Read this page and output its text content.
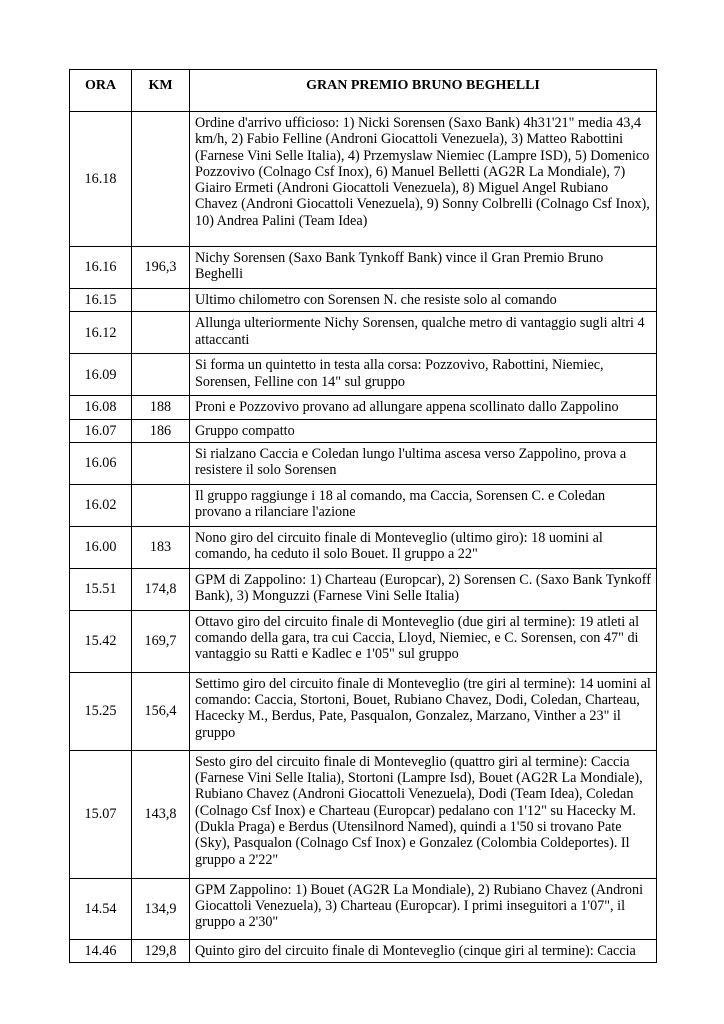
ORA	KM	GRAN PREMIO BRUNO BEGHELLI
16.18		Ordine d'arrivo ufficioso: 1) Nicki Sorensen (Saxo Bank) 4h31'21" media 43,4 km/h, 2) Fabio Felline (Androni Giocattoli Venezuela), 3) Matteo Rabottini (Farnese Vini Selle Italia), 4) Przemyslaw Niemiec (Lampre ISD), 5) Domenico Pozzovivo (Colnago Csf Inox), 6) Manuel Belletti (AG2R La Mondiale), 7) Giairo Ermeti (Androni Giocattoli Venezuela), 8) Miguel Angel Rubiano Chavez (Androni Giocattoli Venezuela), 9) Sonny Colbrelli (Colnago Csf Inox), 10) Andrea Palini (Team Idea)
16.16	196,3	Nichy Sorensen (Saxo Bank Tynkoff Bank) vince il Gran Premio Bruno Beghelli
16.15		Ultimo chilometro con Sorensen N. che resiste solo al comando
16.12		Allunga ulteriormente Nichy Sorensen, qualche metro di vantaggio sugli altri 4 attaccanti
16.09		Si forma un quintetto in testa alla corsa: Pozzovivo, Rabottini, Niemiec, Sorensen, Felline con 14" sul gruppo
16.08	188	Proni e Pozzovivo provano ad allungare appena scollinato dallo Zappolino
16.07	186	Gruppo compatto
16.06		Si rialzano Caccia e Coledan lungo l'ultima ascesa verso Zappolino, prova a resistere il solo Sorensen
16.02		Il gruppo raggiunge i 18 al comando, ma Caccia, Sorensen C. e Coledan provano a rilanciare l'azione
16.00	183	Nono giro del circuito finale di Monteveglio (ultimo giro): 18 uomini al comando, ha ceduto il solo Bouet. Il gruppo a 22"
15.51	174,8	GPM di Zappolino: 1) Charteau (Europcar), 2) Sorensen C. (Saxo Bank Tynkoff Bank), 3) Monguzzi (Farnese Vini Selle Italia)
15.42	169,7	Ottavo giro del circuito finale di Monteveglio (due giri al termine): 19 atleti al comando della gara, tra cui Caccia, Lloyd, Niemiec, e C. Sorensen, con 47" di vantaggio su Ratti e Kadlec e 1'05" sul gruppo
15.25	156,4	Settimo giro del circuito finale di Monteveglio (tre giri al termine): 14 uomini al comando: Caccia, Stortoni, Bouet, Rubiano Chavez, Dodi, Coledan, Charteau, Hacecky M., Berdus, Pate, Pasqualon, Gonzalez, Marzano, Vinther a 23" il gruppo
15.07	143,8	Sesto giro del circuito finale di Monteveglio (quattro giri al termine): Caccia (Farnese Vini Selle Italia), Stortoni (Lampre Isd), Bouet (AG2R La Mondiale), Rubiano Chavez (Androni Giocattoli Venezuela), Dodi (Team Idea), Coledan (Colnago Csf Inox) e Charteau (Europcar) pedalano con 1'12" su Hacecky M. (Dukla Praga) e Berdus (Utensilnord Named), quindi a 1'50 si trovano Pate (Sky), Pasqualon (Colnago Csf Inox) e Gonzalez (Colombia Coldeportes). Il gruppo a 2'22"
14.54	134,9	GPM Zappolino: 1) Bouet (AG2R La Mondiale), 2) Rubiano Chavez (Androni Giocattoli Venezuela), 3) Charteau (Europcar). I primi inseguitori a 1'07", il gruppo a 2'30"
14.46	129,8	Quinto giro del circuito finale di Monteveglio (cinque giri al termine): Caccia
